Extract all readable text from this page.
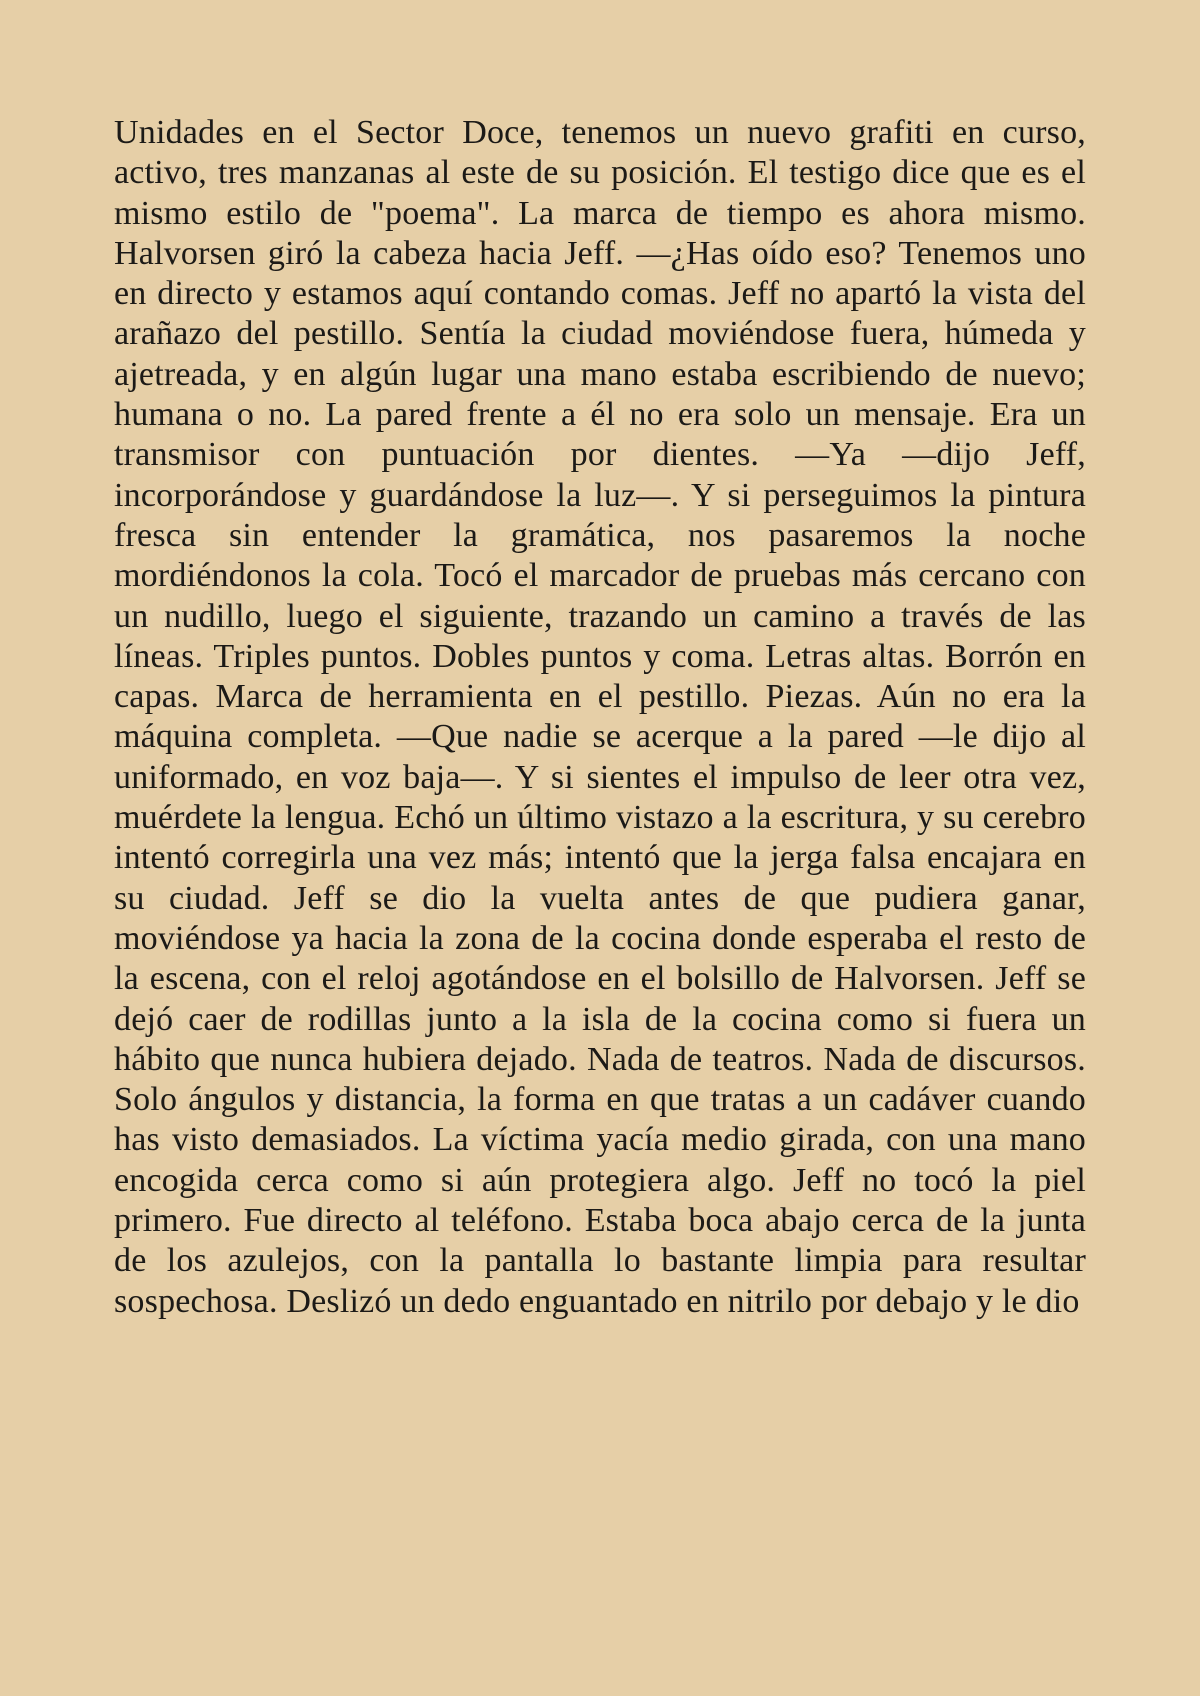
Unidades en el Sector Doce, tenemos un nuevo grafiti en curso, activo, tres manzanas al este de su posición. El testigo dice que es el mismo estilo de "poema". La marca de tiempo es ahora mismo. Halvorsen giró la cabeza hacia Jeff. —¿Has oído eso? Tenemos uno en directo y estamos aquí contando comas. Jeff no apartó la vista del arañazo del pestillo. Sentía la ciudad moviéndose fuera, húmeda y ajetreada, y en algún lugar una mano estaba escribiendo de nuevo; humana o no. La pared frente a él no era solo un mensaje. Era un transmisor con puntuación por dientes. —Ya —dijo Jeff, incorporándose y guardándose la luz—. Y si perseguimos la pintura fresca sin entender la gramática, nos pasaremos la noche mordiéndonos la cola. Tocó el marcador de pruebas más cercano con un nudillo, luego el siguiente, trazando un camino a través de las líneas. Triples puntos. Dobles puntos y coma. Letras altas. Borrón en capas. Marca de herramienta en el pestillo. Piezas. Aún no era la máquina completa. —Que nadie se acerque a la pared —le dijo al uniformado, en voz baja—. Y si sientes el impulso de leer otra vez, muérdete la lengua. Echó un último vistazo a la escritura, y su cerebro intentó corregirla una vez más; intentó que la jerga falsa encajara en su ciudad. Jeff se dio la vuelta antes de que pudiera ganar, moviéndose ya hacia la zona de la cocina donde esperaba el resto de la escena, con el reloj agotándose en el bolsillo de Halvorsen. Jeff se dejó caer de rodillas junto a la isla de la cocina como si fuera un hábito que nunca hubiera dejado. Nada de teatros. Nada de discursos. Solo ángulos y distancia, la forma en que tratas a un cadáver cuando has visto demasiados. La víctima yacía medio girada, con una mano encogida cerca como si aún protegiera algo. Jeff no tocó la piel primero. Fue directo al teléfono. Estaba boca abajo cerca de la junta de los azulejos, con la pantalla lo bastante limpia para resultar sospechosa. Deslizó un dedo enguantado en nitrilo por debajo y le dio
